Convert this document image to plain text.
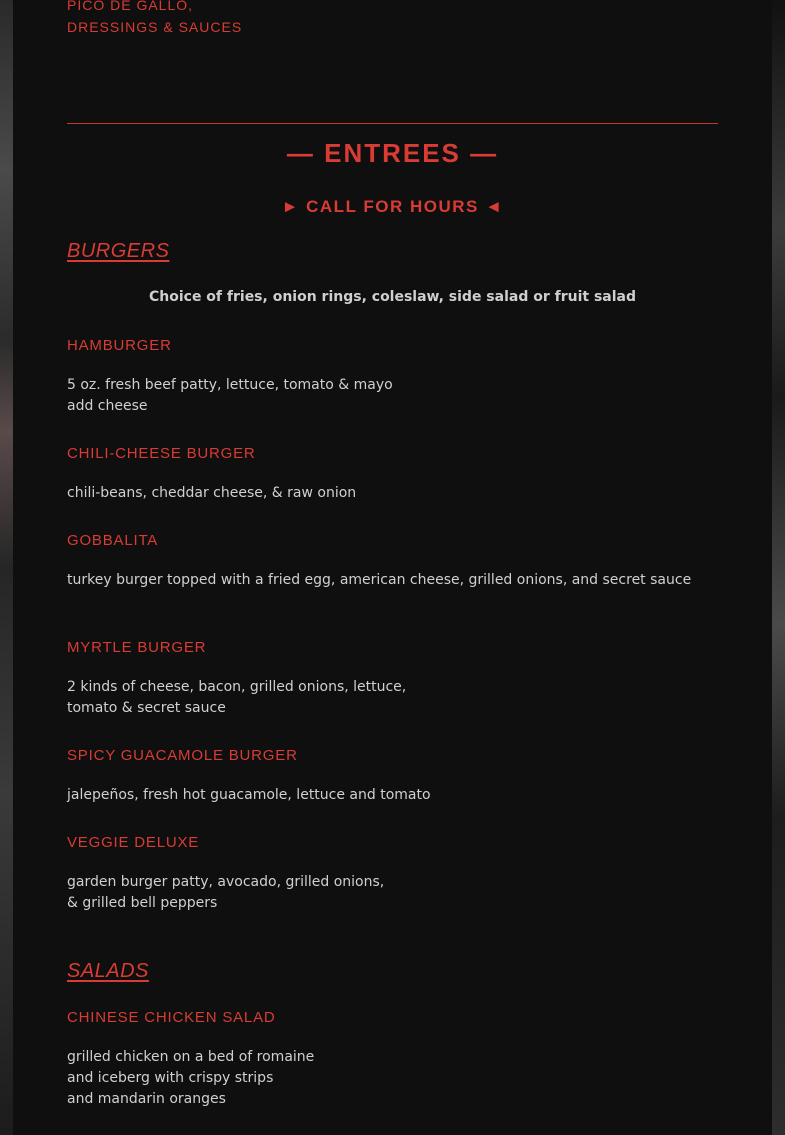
PICO DE GALLO,
DRESSINGS & SAUCES
— ENTREES —
► CALL FOR HOURS ◄
BURGERS
Choice of fries, onion rings, coleslaw, side salad or fruit salad
HAMBURGER
5 oz. fresh beef patty, lettuce, tomato & mayo
add cheese
CHILI-CHEESE BURGER
chili-beans, cheddar cheese, & raw onion
GOBBALITA
turkey burger topped with a fried egg, american cheese, grilled onions, and secret sauce
MYRTLE BURGER
2 kinds of cheese, bacon, grilled onions, lettuce,
tomato & secret sauce
SPICY GUACAMOLE BURGER
jalepeños, fresh hot guacamole, lettuce and tomato
VEGGIE DELUXE
garden burger patty, avocado, grilled onions,
& grilled bell peppers
SALADS
CHINESE CHICKEN SALAD
grilled chicken on a bed of romaine
and iceberg with crispy strips
and mandarin oranges
